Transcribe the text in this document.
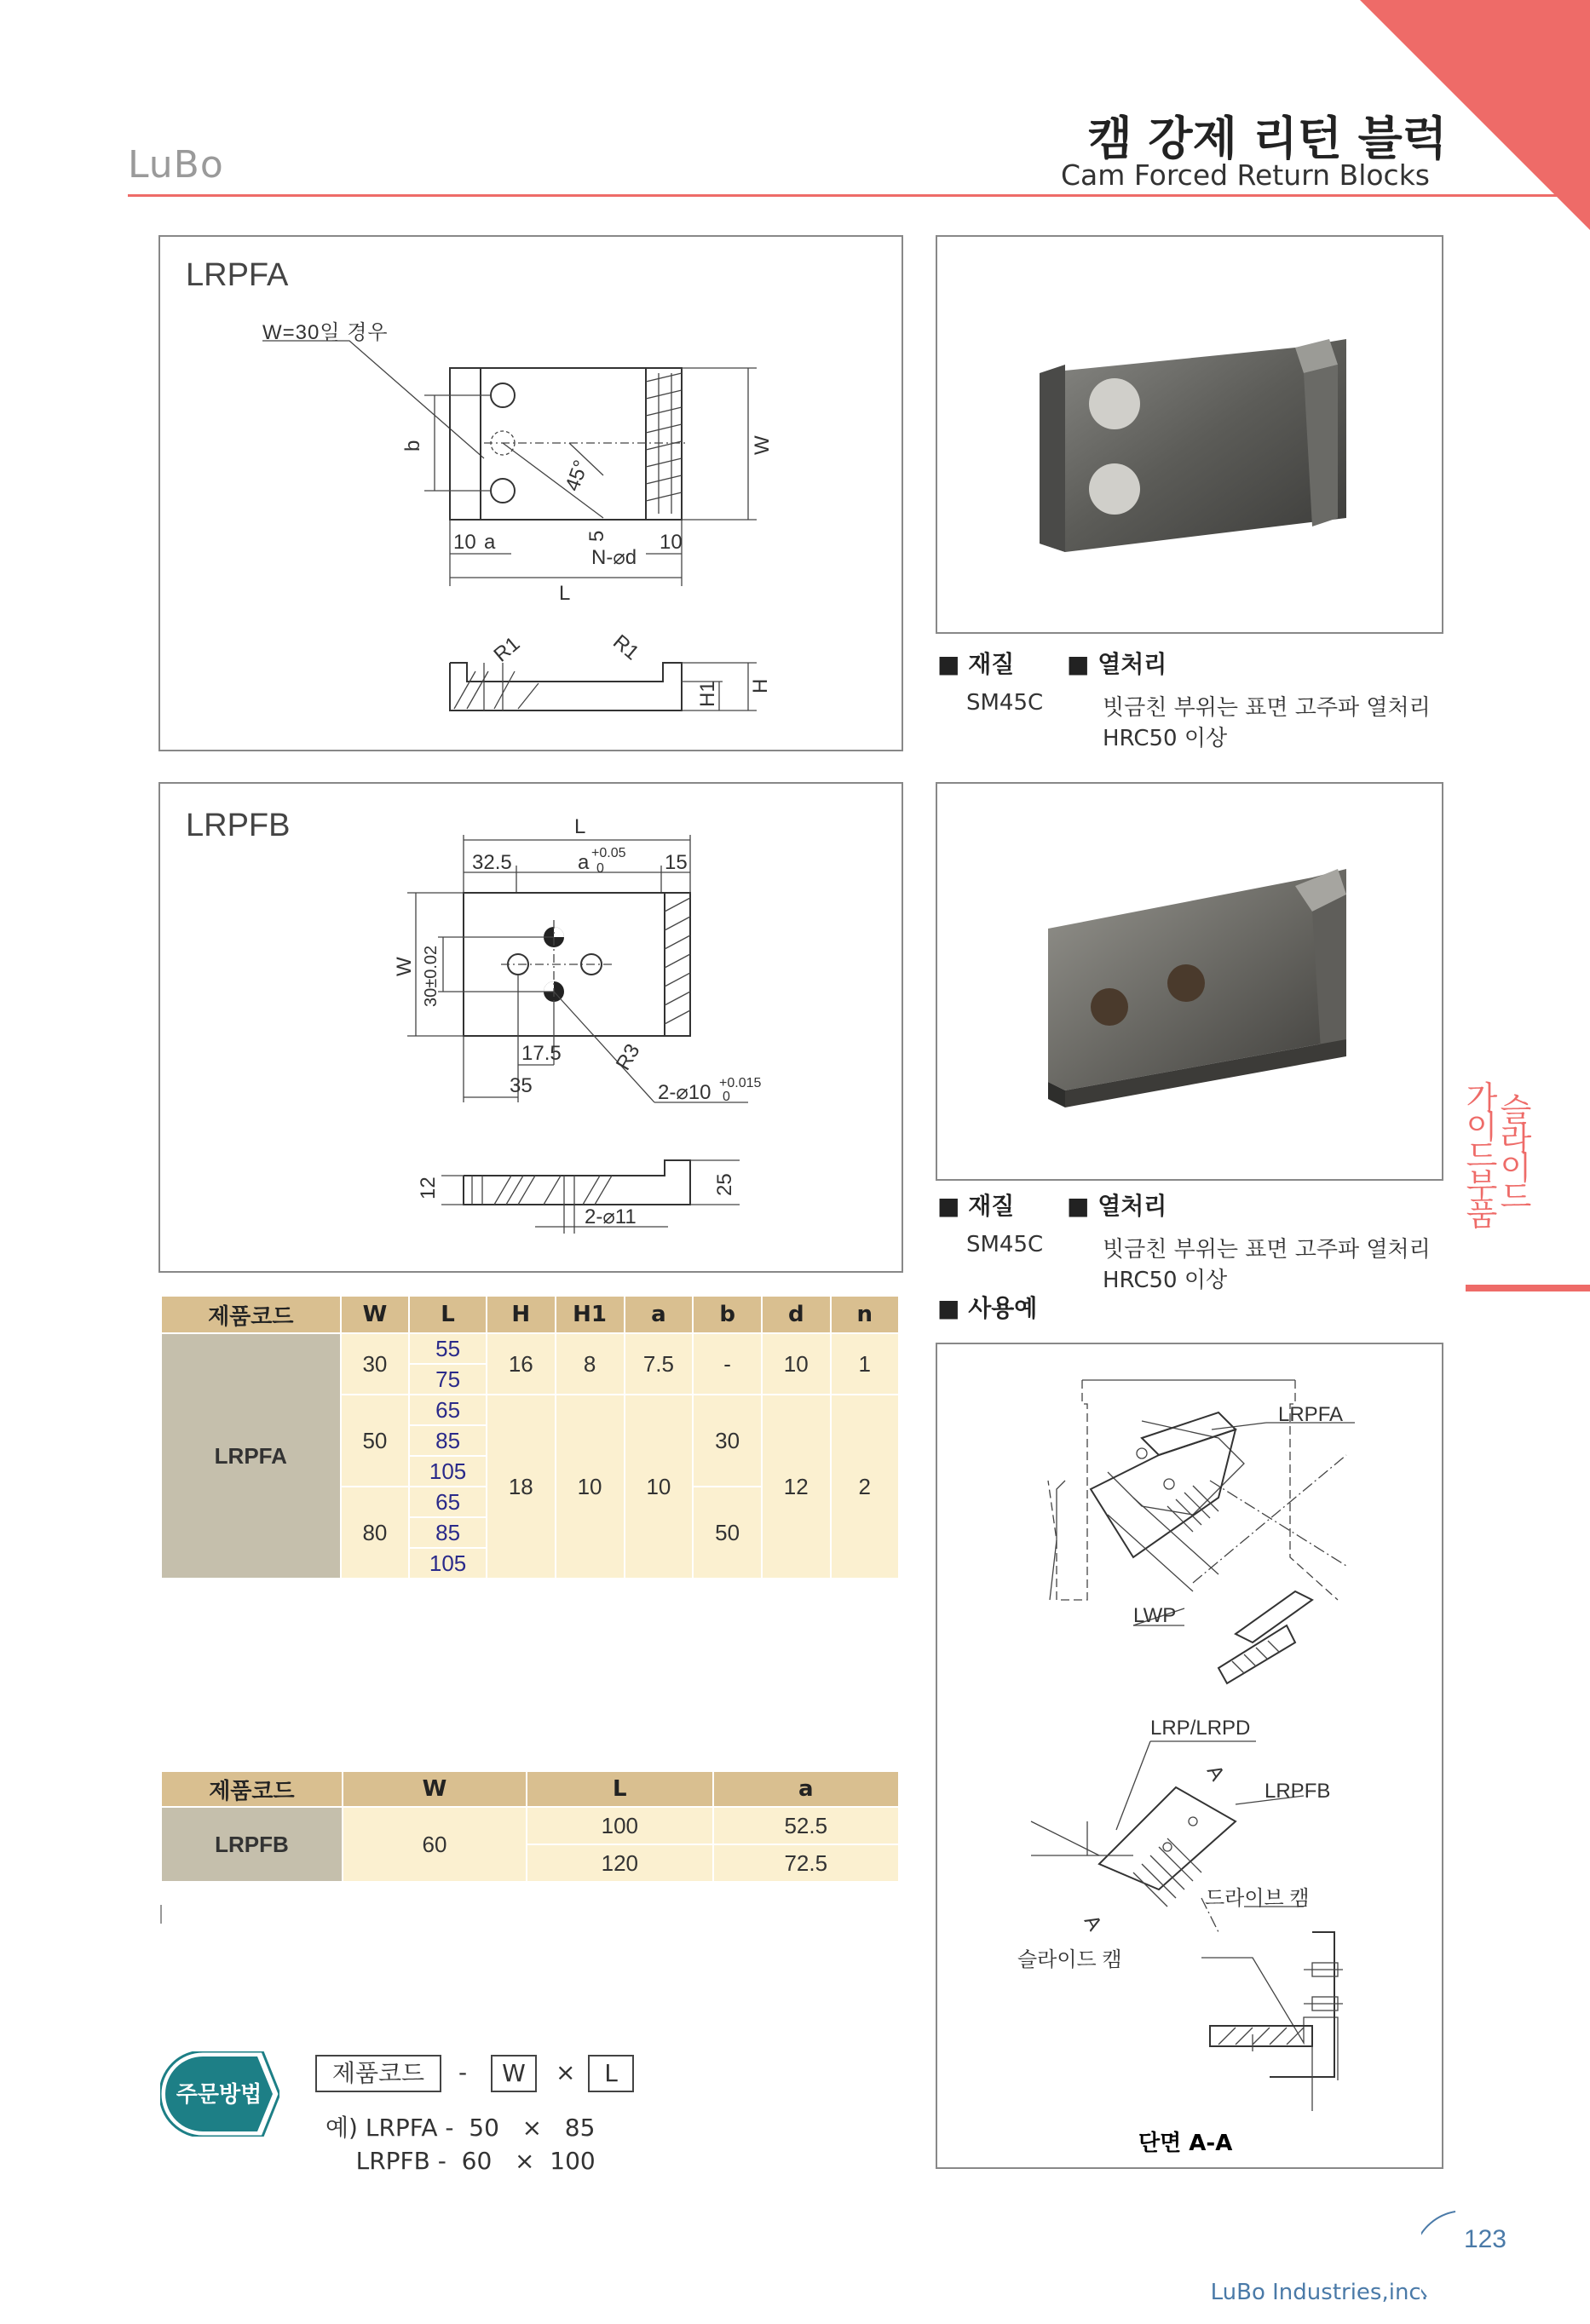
LuBo	캠 강제 리턴 블럭
Cam Forced Return Blocks
LRPFA
W=30일 경우
b	W
45°
10 a	10
5
N-⌀d
L
R1	R1
H1 H
■ 재질 ■ 열처리
SM45C	빗금친 부위는 표면 고주파 열처리
HRC50 이상
LRPFB	L
32.5	a +0.05
0	15
W 30±0.02
17.5
35
R3
2-⌀10 +0.015
0
12	25
2-⌀11	■ 재질 ■ 열처리
SM45C	빗금친 부위는 표면 고주파 열처리
HRC50 이상
가
이
드
부
품
슬
라
이
드
■ 사용예
LRPFA
LWP
LRP/LRPD
LRPFB
드라이브 캠
슬라이드 캠
A
A
단면 A-A
제품코드	W	L	H	H1	a	b	d	n
LRPFA	30	55	16	8	7.5	-	10	1
		75						
	50	65	18	10	10	30	12	2
		85						
		105						
	80	65				50		
		85						
		105						
제품코드	W	L	a
LRPFB	60	100	52.5
		120	72.5
주문방법
제품코드	-	W	×	L
예) LRPFA -  50   ×   85
LRPFB -  60   ×  100
LuBo Industries,inc.
123
